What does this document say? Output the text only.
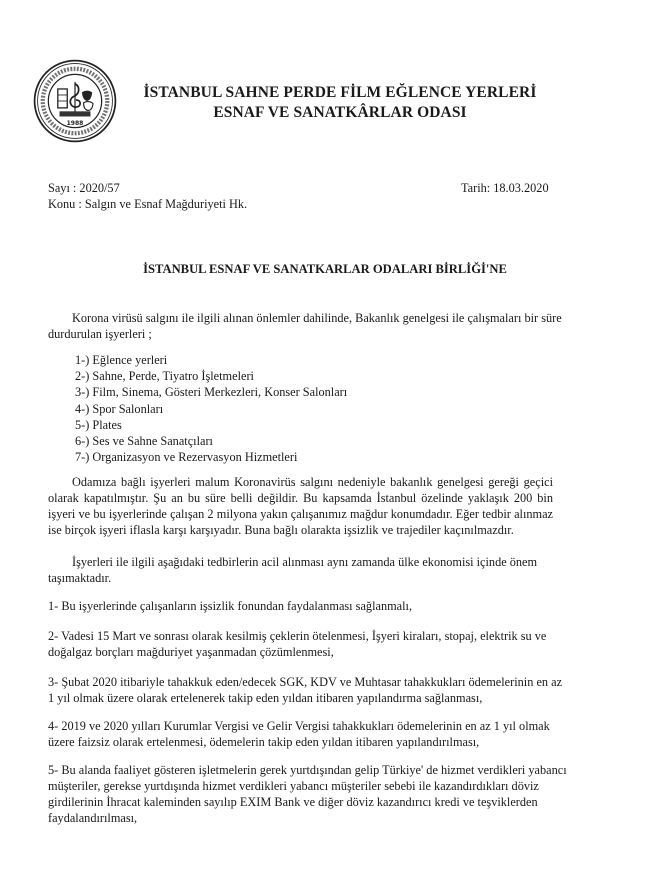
1988
İSTANBUL SAHNE PERDE FİLM EĞLENCE YERLERİ
ESNAF VE SANATKÂRLAR ODASI
Sayı : 2020/57
Konu : Salgın ve Esnaf Mağduriyeti Hk.
Tarih: 18.03.2020
İSTANBUL ESNAF VE SANATKARLAR ODALARI BİRLİĞİ'NE
Korona virüsü salgını ile ilgili alınan önlemler dahilinde, Bakanlık genelgesi ile çalışmaları bir süre durdurulan işyerleri ;
1-) Eğlence yerleri
2-) Sahne, Perde, Tiyatro İşletmeleri
3-) Film, Sinema, Gösteri Merkezleri, Konser Salonları
4-) Spor Salonları
5-) Plates
6-) Ses ve Sahne Sanatçıları
7-) Organizasyon ve Rezervasyon Hizmetleri
Odamıza bağlı işyerleri malum Koronavirüs salgını nedeniyle bakanlık genelgesi gereği geçici olarak kapatılmıştır. Şu an bu süre belli değildir. Bu kapsamda İstanbul özelinde yaklaşık 200 bin işyeri ve bu işyerlerinde çalışan 2 milyona yakın çalışanımız mağdur konumdadır. Eğer tedbir alınmaz ise birçok işyeri iflasla karşı karşıyadır. Buna bağlı olarakta işsizlik ve trajediler kaçınılmazdır.
İşyerleri ile ilgili aşağıdaki tedbirlerin acil alınması aynı zamanda ülke ekonomisi içinde önem taşımaktadır.
1- Bu işyerlerinde çalışanların işsizlik fonundan faydalanması sağlanmalı,
2- Vadesi 15 Mart ve sonrası olarak kesilmiş çeklerin ötelenmesi, İşyeri kiraları, stopaj, elektrik su ve doğalgaz borçları mağduriyet yaşanmadan çözümlenmesi,
3- Şubat 2020 itibariyle tahakkuk eden/edecek SGK, KDV ve Muhtasar tahakkukları ödemelerinin en az 1 yıl olmak üzere olarak ertelenerek takip eden yıldan itibaren yapılandırma sağlanması,
4- 2019 ve 2020 yılları Kurumlar Vergisi ve Gelir Vergisi tahakkukları ödemelerinin en az 1 yıl olmak üzere faizsiz olarak ertelenmesi, ödemelerin takip eden yıldan itibaren yapılandırılması,
5- Bu alanda faaliyet gösteren işletmelerin gerek yurtdışından gelip Türkiye' de hizmet verdikleri yabancı müşteriler, gerekse yurtdışında hizmet verdikleri yabancı müşteriler sebebi ile kazandırdıkları döviz girdilerinin İhracat kaleminden sayılıp EXIM Bank ve diğer döviz kazandırıcı kredi ve teşviklerden faydalandırılması,
